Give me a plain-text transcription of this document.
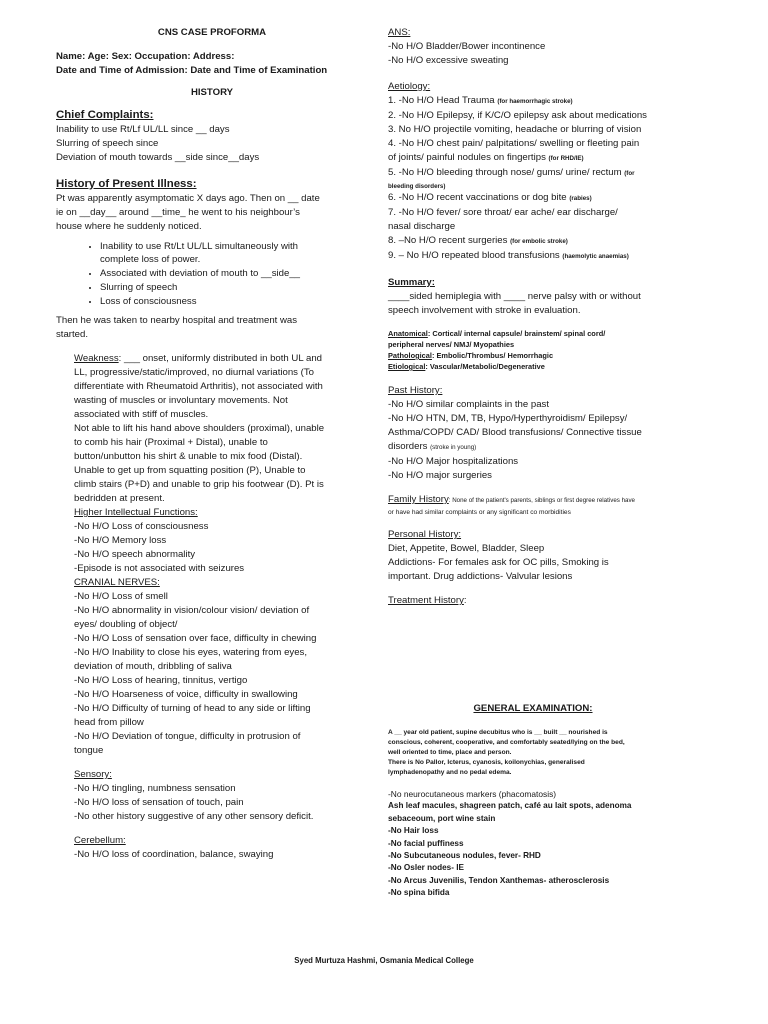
CNS CASE PROFORMA
Name: Age: Sex: Occupation: Address:
Date and Time of Admission: Date and Time of Examination
HISTORY
Chief Complaints:
Inability to use Rt/Lf UL/LL since __ days
Slurring of speech since
Deviation of mouth towards __side since__days
History of Present Illness:
Pt was apparently asymptomatic X days ago. Then on __ date
ie on __day__ around __time_ he went to his neighbour’s
house where he suddenly noticed.
• Inability to use Rt/Lt UL/LL simultaneously with
complete loss of power.
• Associated with deviation of mouth to __side__
• Slurring of speech
• Loss of consciousness
Then he was taken to nearby hospital and treatment was
started.
Weakness: ___ onset, uniformly distributed in both UL and
LL, progressive/static/improved, no diurnal variations (To
differentiate with Rheumatoid Arthritis), not associated with
wasting of muscles or involuntary movements. Not
associated with stiff of muscles.
Not able to lift his hand above shoulders (proximal), unable
to comb his hair (Proximal + Distal), unable to
button/unbutton his shirt & unable to mix food (Distal).
Unable to get up from squatting position (P), Unable to
climb stairs (P+D) and unable to grip his footwear (D). Pt is
bedridden at present.
Higher Intellectual Functions:
-No H/O Loss of consciousness
-No H/O Memory loss
-No H/O speech abnormality
-Episode is not associated with seizures
CRANIAL NERVES:
-No H/O Loss of smell
-No H/O abnormality in vision/colour vision/ deviation of
eyes/ doubling of object/
-No H/O Loss of sensation over face, difficulty in chewing
-No H/O Inability to close his eyes, watering from eyes,
deviation of mouth, dribbling of saliva
-No H/O Loss of hearing, tinnitus, vertigo
-No H/O Hoarseness of voice, difficulty in swallowing
-No H/O Difficulty of turning of head to any side or lifting
head from pillow
-No H/O Deviation of tongue, difficulty in protrusion of
tongue
Sensory:
-No H/O tingling, numbness sensation
-No H/O loss of sensation of touch, pain
-No other history suggestive of any other sensory deficit.
Cerebellum:
-No H/O loss of coordination, balance, swaying
ANS:
-No H/O Bladder/Bower incontinence
-No H/O excessive sweating
Aetiology:
1. -No H/O Head Trauma (for haemorrhagic stroke)
2. -No H/O Epilepsy, if K/C/O epilepsy ask about medications
3. No H/O projectile vomiting, headache or blurring of vision
4. -No H/O chest pain/ palpitations/ swelling or fleeting pain
of joints/ painful nodules on fingertips (for RHD/IE)
5. -No H/O bleeding through nose/ gums/ urine/ rectum (for
bleeding disorders)
6. -No H/O recent vaccinations or dog bite (rabies)
7. -No H/O fever/ sore throat/ ear ache/ ear discharge/
nasal discharge
8. –No H/O recent surgeries (for embolic stroke)
9. – No H/O repeated blood transfusions (haemolytic anaemias)
Summary:
____sided hemiplegia with ____ nerve palsy with or without
speech involvement with stroke in evaluation.
Anatomical: Cortical/ internal capsule/ brainstem/ spinal cord/
peripheral nerves/ NMJ/ Myopathies
Pathological: Embolic/Thrombus/ Hemorrhagic
Etiological: Vascular/Metabolic/Degenerative
Past History:
-No H/O similar complaints in the past
-No H/O HTN, DM, TB, Hypo/Hyperthyroidism/ Epilepsy/
Asthma/COPD/ CAD/ Blood transfusions/ Connective tissue
disorders (stroke in young)
-No H/O Major hospitalizations
-No H/O major surgeries
Family History: None of the patient's parents, siblings or first degree relatives have
or have had similar complaints or any significant co morbidities
Personal History:
Diet, Appetite, Bowel, Bladder, Sleep
Addictions- For females ask for OC pills, Smoking is
important. Drug addictions- Valvular lesions
Treatment History:
GENERAL EXAMINATION:
A __ year old patient, supine decubitus who is __ built __ nourished is
conscious, coherent, cooperative, and comfortably seated/lying on the bed,
well oriented to time, place and person.
There is No Pallor, Icterus, cyanosis, koilonychias, generalised
lymphadenopathy and no pedal edema.
-No neurocutaneous markers (phacomatosis)
Ash leaf macules, shagreen patch, café au lait spots, adenoma
sebaceoum, port wine stain
-No Hair loss
-No facial puffiness
-No Subcutaneous nodules, fever- RHD
-No Osler nodes- IE
-No Arcus Juvenilis, Tendon Xanthemas- atherosclerosis
-No spina bifida
Syed Murtuza Hashmi, Osmania Medical College
